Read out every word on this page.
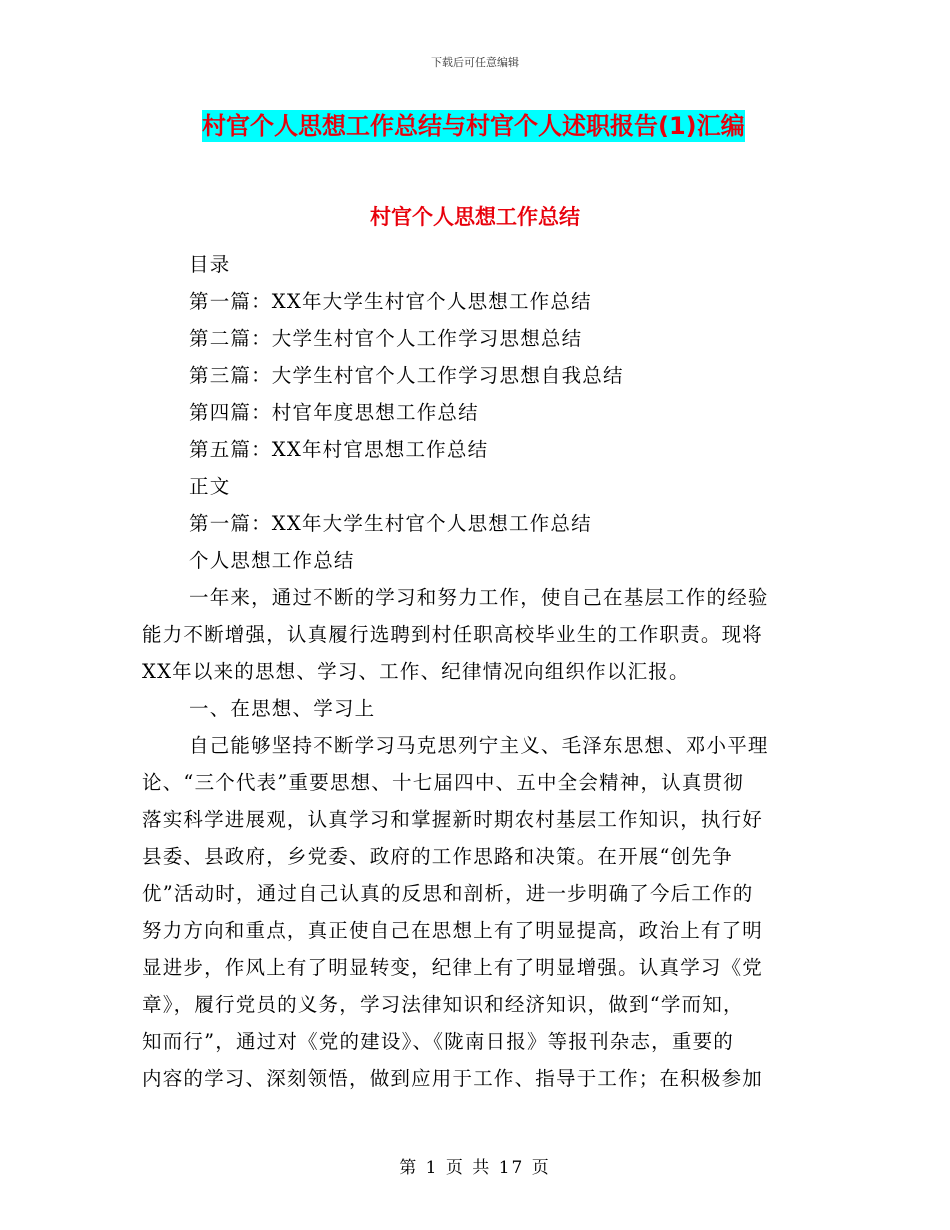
下载后可任意编辑
村官个人思想工作总结与村官个人述职报告(1)汇编
村官个人思想工作总结
目录
第一篇：XX年大学生村官个人思想工作总结
第二篇：大学生村官个人工作学习思想总结
第三篇：大学生村官个人工作学习思想自我总结
第四篇：村官年度思想工作总结
第五篇：XX年村官思想工作总结
正文
第一篇：XX年大学生村官个人思想工作总结
个人思想工作总结
一年来，通过不断的学习和努力工作，使自己在基层工作的经验
能力不断增强，认真履行选聘到村任职高校毕业生的工作职责。现将
XX年以来的思想、学习、工作、纪律情况向组织作以汇报。
一、在思想、学习上
自己能够坚持不断学习马克思列宁主义、毛泽东思想、邓小平理
论、“三个代表”重要思想、十七届四中、五中全会精神，认真贯彻
落实科学进展观，认真学习和掌握新时期农村基层工作知识，执行好
县委、县政府，乡党委、政府的工作思路和决策。在开展“创先争
优”活动时，通过自己认真的反思和剖析，进一步明确了今后工作的
努力方向和重点，真正使自己在思想上有了明显提高，政治上有了明
显进步，作风上有了明显转变，纪律上有了明显增强。认真学习《党
章》，履行党员的义务，学习法律知识和经济知识，做到“学而知，
知而行”，通过对《党的建设》、《陇南日报》等报刊杂志，重要的
内容的学习、深刻领悟，做到应用于工作、指导于工作；在积极参加
第 1 页 共 17 页
